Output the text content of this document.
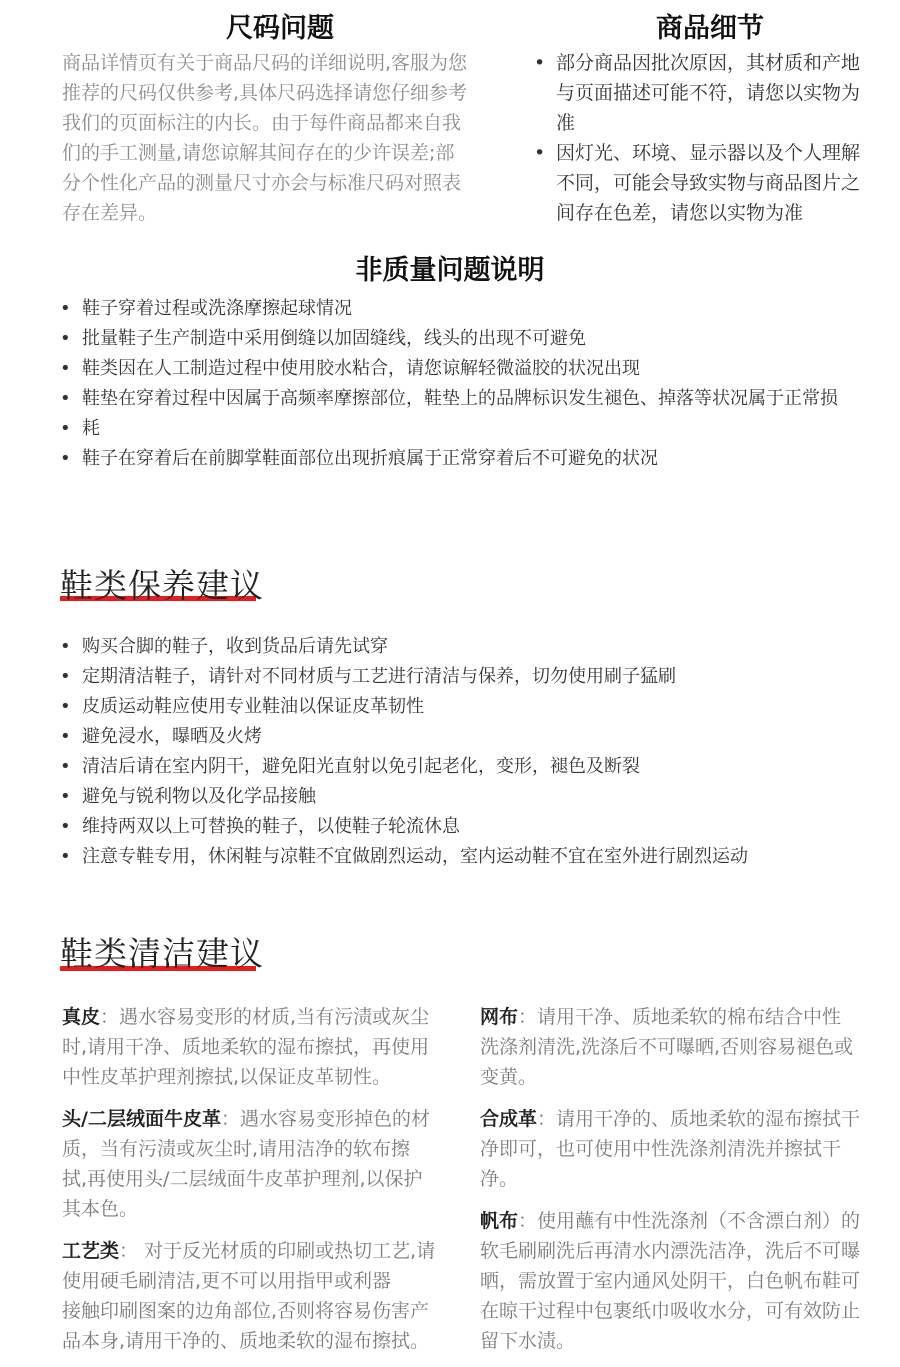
尺码问题
商品详情页有关于商品尺码的详细说明,客服为您
推荐的尺码仅供参考,具体尺码选择请您仔细参考
我们的页面标注的内长。由于每件商品都来自我
们的手工测量,请您谅解其间存在的少许误差;部
分个性化产品的测量尺寸亦会与标准尺码对照表
存在差异。
商品细节
• 部分商品因批次原因，其材质和产地
与页面描述可能不符，请您以实物为
准
• 因灯光、环境、显示器以及个人理解
不同，可能会导致实物与商品图片之
间存在色差，请您以实物为准
非质量问题说明
• 鞋子穿着过程或洗涤摩擦起球情况
• 批量鞋子生产制造中采用倒缝以加固缝线，线头的出现不可避免
• 鞋类因在人工制造过程中使用胶水粘合，请您谅解轻微溢胶的状况出现
• 鞋垫在穿着过程中因属于高频率摩擦部位，鞋垫上的品牌标识发生褪色、掉落等状况属于正常损
• 耗
• 鞋子在穿着后在前脚掌鞋面部位出现折痕属于正常穿着后不可避免的状况
鞋类保养建议
• 购买合脚的鞋子，收到货品后请先试穿
• 定期清洁鞋子，请针对不同材质与工艺进行清洁与保养，切勿使用刷子猛刷
• 皮质运动鞋应使用专业鞋油以保证皮革韧性
• 避免浸水，曝晒及火烤
• 清洁后请在室内阴干，避免阳光直射以免引起老化，变形，褪色及断裂
• 避免与锐利物以及化学品接触
• 维持两双以上可替换的鞋子，以使鞋子轮流休息
• 注意专鞋专用，休闲鞋与凉鞋不宜做剧烈运动，室内运动鞋不宜在室外进行剧烈运动
鞋类清洁建议

真皮：遇水容易变形的材质,当有污渍或灰尘
时,请用干净、质地柔软的湿布擦拭，再使用
中性皮革护理剂擦拭,以保证皮革韧性。

头/二层绒面牛皮革：遇水容易变形掉色的材
质，当有污渍或灰尘时,请用洁净的软布擦
拭,再使用头/二层绒面牛皮革护理剂,以保护
其本色。

工艺类： 对于反光材质的印刷或热切工艺,请
使用硬毛刷清洁,更不可以用指甲或利器
接触印刷图案的边角部位,否则将容易伤害产
品本身,请用干净的、质地柔软的湿布擦拭。

网布：请用干净、质地柔软的棉布结合中性
洗涤剂清洗,洗涤后不可曝晒,否则容易褪色或
变黄。

合成革：请用干净的、质地柔软的湿布擦拭干
净即可，也可使用中性洗涤剂清洗并擦拭干
净。

帆布：使用蘸有中性洗涤剂（不含漂白剂）的
软毛刷刷洗后再清水内漂洗洁净，洗后不可曝
晒，需放置于室内通风处阴干，白色帆布鞋可
在晾干过程中包裹纸巾吸收水分，可有效防止
留下水渍。
